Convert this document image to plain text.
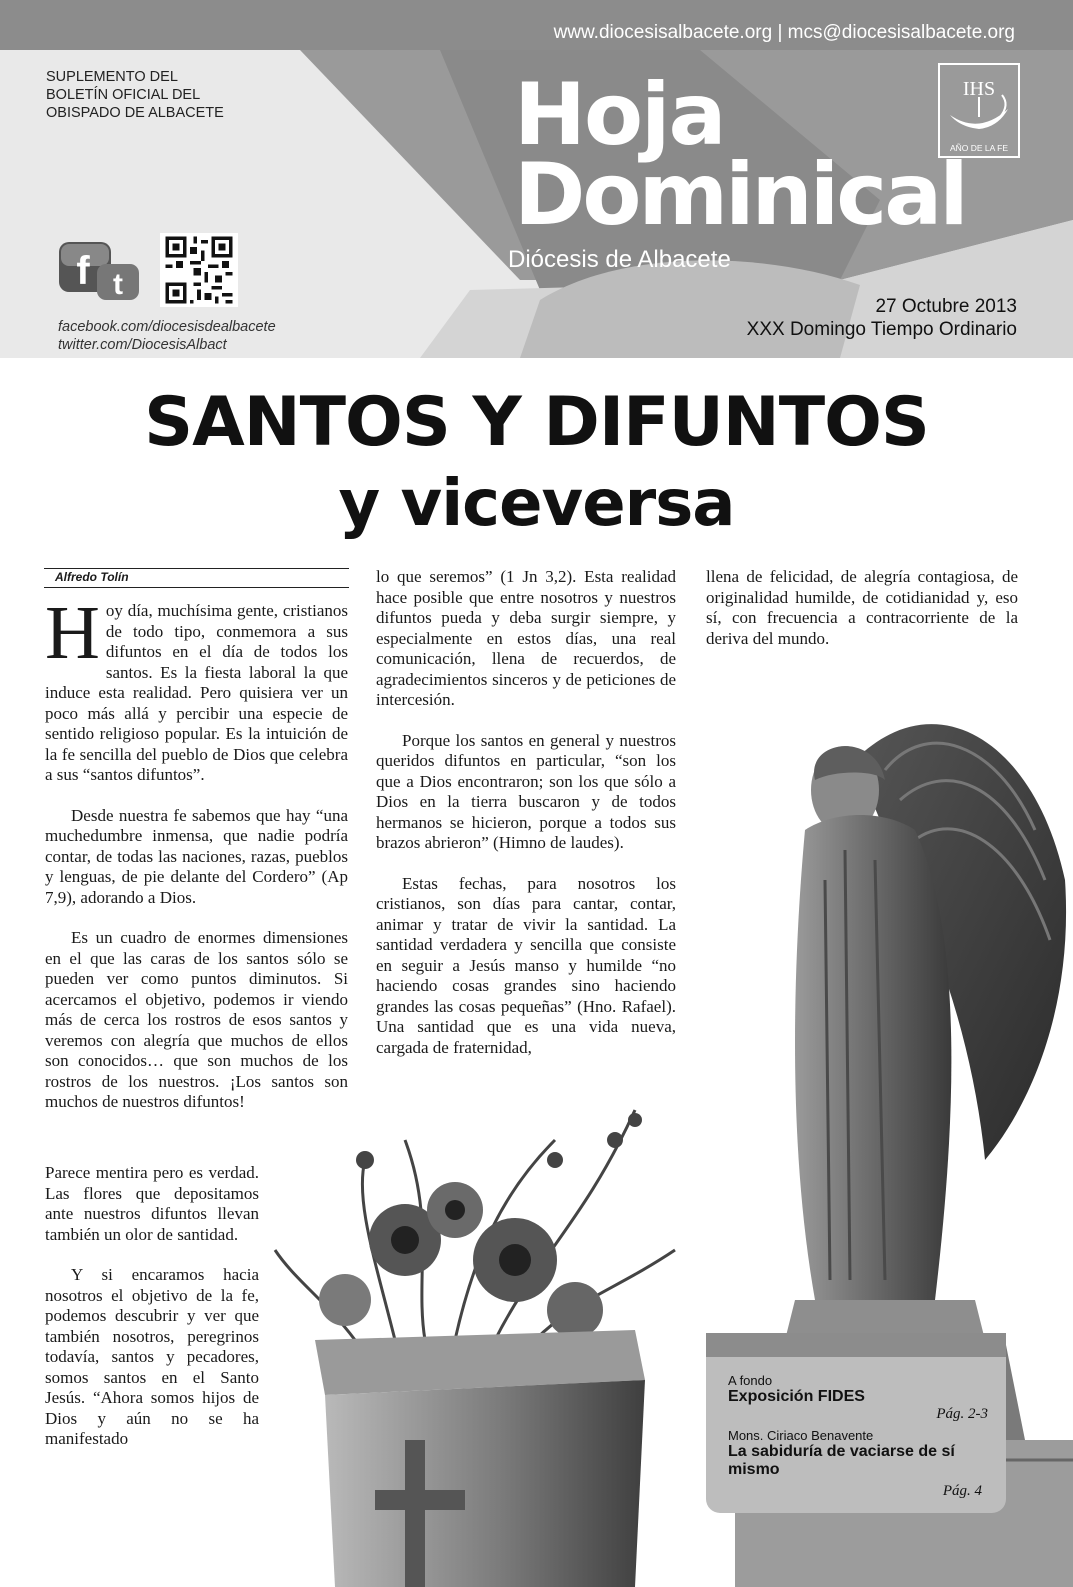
www.diocesisalbacete.org | mcs@diocesisalbacete.org
SUPLEMENTO DEL
BOLETÍN OFICIAL DEL
OBISPADO DE ALBACETE	Hoja
Dominical
Diócesis de Albacete
IHS
AÑO DE LA FE
f t
facebook.com/diocesisdealbacete
twitter.com/DiocesisAlbact
27 Octubre 2013
XXX Domingo Tiempo Ordinario
SANTOS Y DIFUNTOS
y viceversa
Alfredo Tolín

Hoy día, muchísima gente, cristianos de todo tipo, conmemora a sus difuntos en el día de todos los santos. Es la fiesta laboral la que induce esta realidad. Pero quisiera ver un poco más allá y percibir una especie de sentido religioso popular. Es la intuición de la fe sencilla del pueblo de Dios que celebra a sus “santos difuntos”.

Desde nuestra fe sabemos que hay “una muchedumbre inmensa, que nadie podría contar, de todas las naciones, razas, pueblos y lenguas, de pie delante del Cordero” (Ap 7,9), adorando a Dios.

Es un cuadro de enormes dimensiones en el que las caras de los santos sólo se pueden ver como puntos diminutos. Si acercamos el objetivo, podemos ir viendo más de cerca los rostros de esos santos y veremos con alegría que muchos de ellos son conocidos… que son muchos de los rostros de los nuestros. ¡Los santos son muchos de nuestros difuntos!

Parece mentira pero es verdad. Las flores que depositamos ante nuestros difuntos llevan también un olor de santidad.

Y si encaramos hacia nosotros el objetivo de la fe, podemos descubrir y ver que también nosotros, peregrinos todavía, santos y pecadores, somos santos en el Santo Jesús. “Ahora somos hijos de Dios y aún no se ha manifestado

lo que seremos” (1 Jn 3,2). Esta realidad hace posible que entre nosotros y nuestros difuntos pueda y deba surgir siempre, y especialmente en estos días, una real comunicación, llena de recuerdos, de agradecimientos sinceros y de peticiones de intercesión.

Porque los santos en general y nuestros queridos difuntos en particular, “son los que a Dios encontraron; son los que sólo a Dios en la tierra buscaron y de todos hermanos se hicieron, porque a todos sus brazos abrieron” (Himno de laudes).

Estas fechas, para nosotros los cristianos, son días para cantar, contar, animar y tratar de vivir la santidad. La santidad verdadera y sencilla que consiste en seguir a Jesús manso y humilde “no haciendo cosas grandes sino haciendo grandes las cosas pequeñas” (Hno. Rafael). Una santidad que es una vida nueva, cargada de fraternidad,

llena de felicidad, de alegría contagiosa, de originalidad humilde, de cotidianidad y, eso sí, con frecuencia a contracorriente de la deriva del mundo.

A fondo
Exposición FIDES
Pág. 2-3
Mons. Ciriaco Benavente
La sabiduría de vaciarse de sí mismo
Pág. 4
